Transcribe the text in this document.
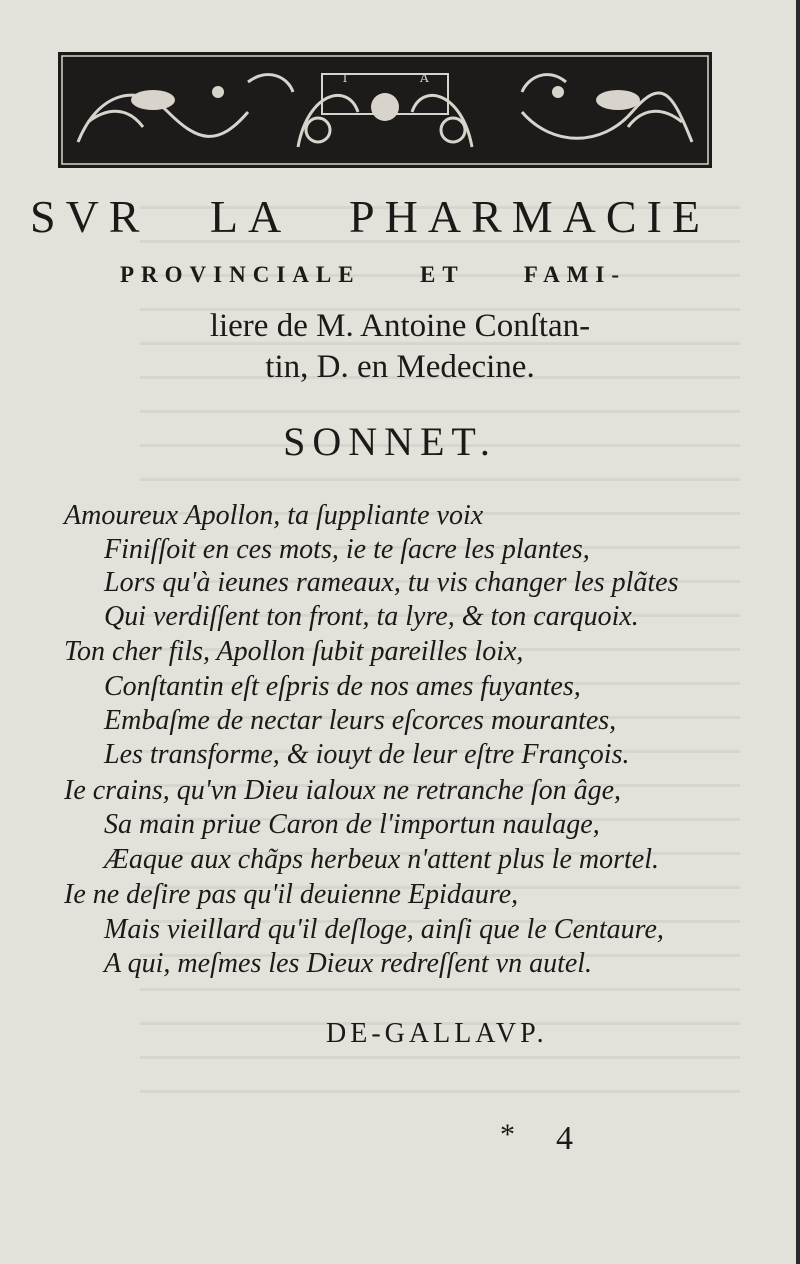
T	A
SVR LA PHARMACIE
PROVINCIALE ET FAMI-
liere de M. Antoine Conſtan-
tin, D. en Medecine.
SONNET.

Amoureux Apollon, ta ſuppliante voix

Finiſſoit en ces mots, ie te ſacre les plantes,

Lors qu'à ieunes rameaux, tu vis changer les plãtes

Qui verdiſſent ton front, ta lyre, & ton carquoix.

Ton cher fils, Apollon ſubit pareilles loix,

Conſtantin eſt eſpris de nos ames fuyantes,

Embaſme de nectar leurs eſcorces mourantes,

Les transforme, & iouyt de leur eſtre François.

Ie crains, qu'vn Dieu ialoux ne retranche ſon âge,

Sa main priue Caron de l'importun naulage,

Æaque aux chãps herbeux n'attent plus le mortel.

Ie ne deſire pas qu'il deuienne Epidaure,

Mais vieillard qu'il deſloge, ainſi que le Centaure,

A qui, meſmes les Dieux redreſſent vn autel.

DE-GALLAVP.

* 4
